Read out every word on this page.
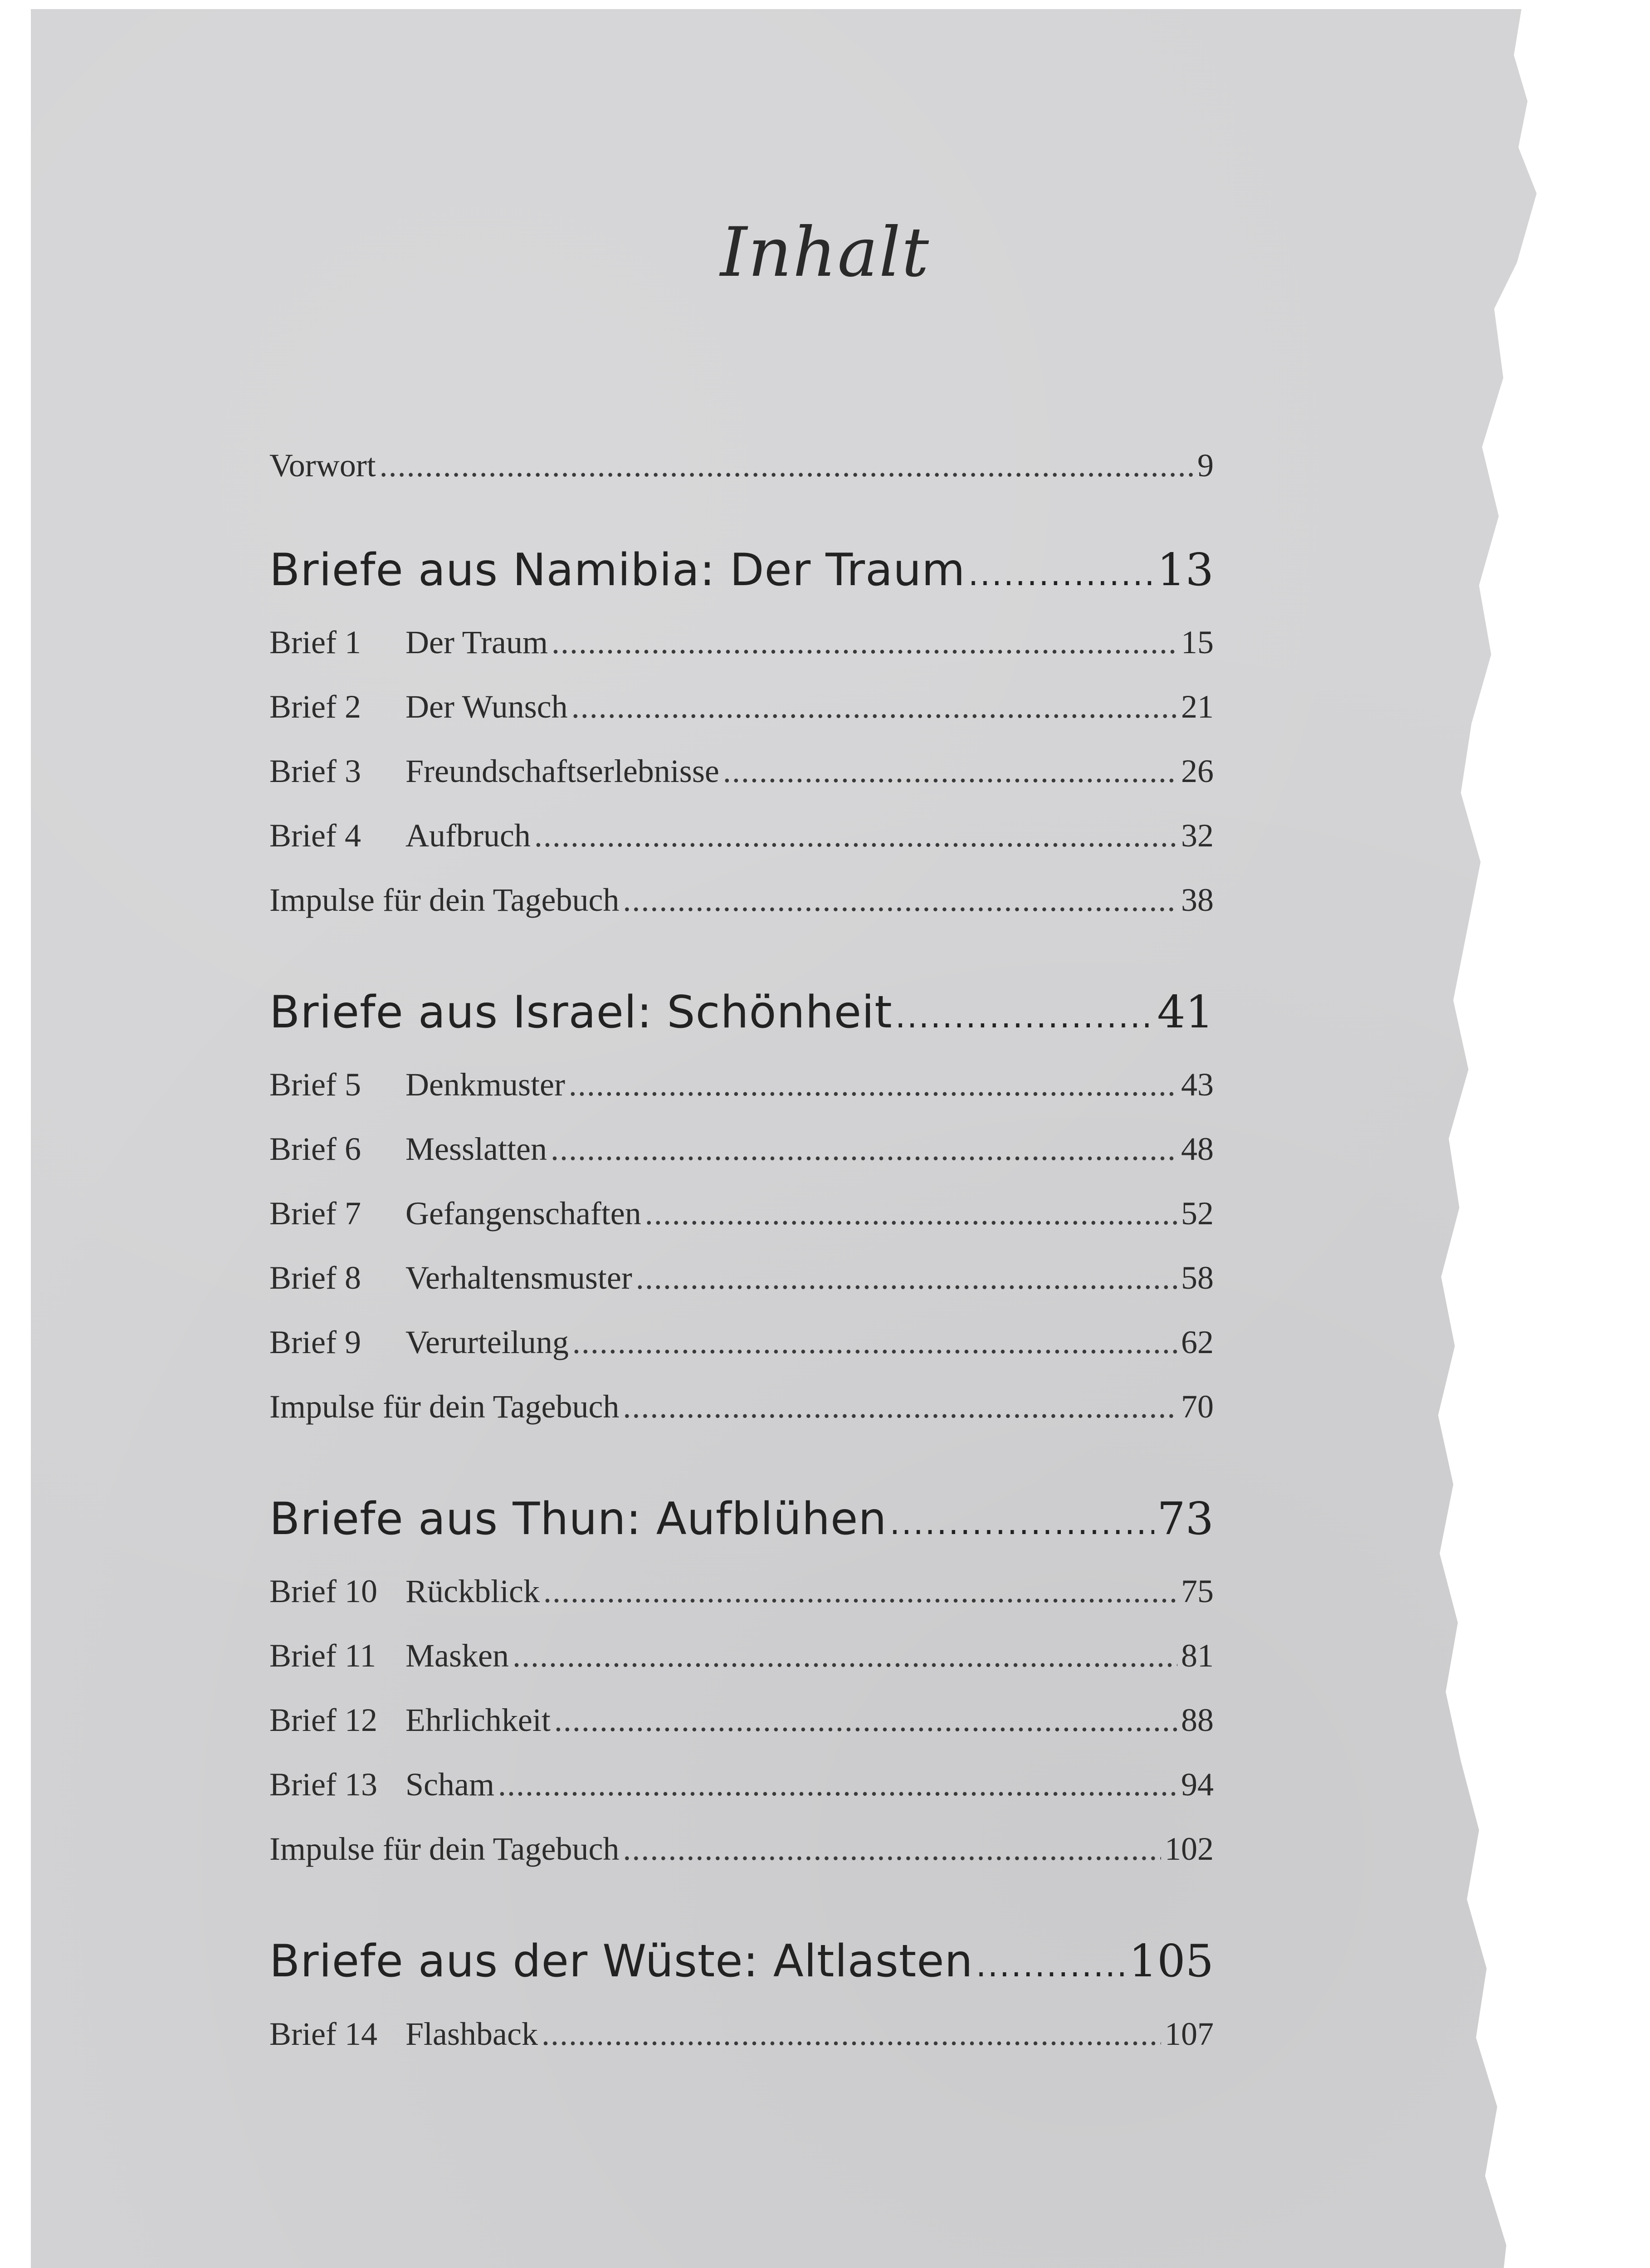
Inhalt
Vorwort .....	9
Briefe aus Namibia: Der Traum .....	13
Brief 1	Der Traum .....	15
Brief 2	Der Wunsch .....	21
Brief 3	Freundschaftserlebnisse .....	26
Brief 4	Aufbruch .....	32
Impulse für dein Tagebuch .....	38
Briefe aus Israel: Schönheit .....	41
Brief 5	Denkmuster .....	43
Brief 6	Messlatten .....	48
Brief 7	Gefangenschaften .....	52
Brief 8	Verhaltensmuster .....	58
Brief 9	Verurteilung .....	62
Impulse für dein Tagebuch .....	70
Briefe aus Thun: Aufblühen .....	73
Brief 10 Rückblick .....	75
Brief 11 Masken .....	81
Brief 12 Ehrlichkeit .....	88
Brief 13 Scham .....	94
Impulse für dein Tagebuch .....	102
Briefe aus der Wüste: Altlasten .....	105
Brief 14 Flashback .....	107
